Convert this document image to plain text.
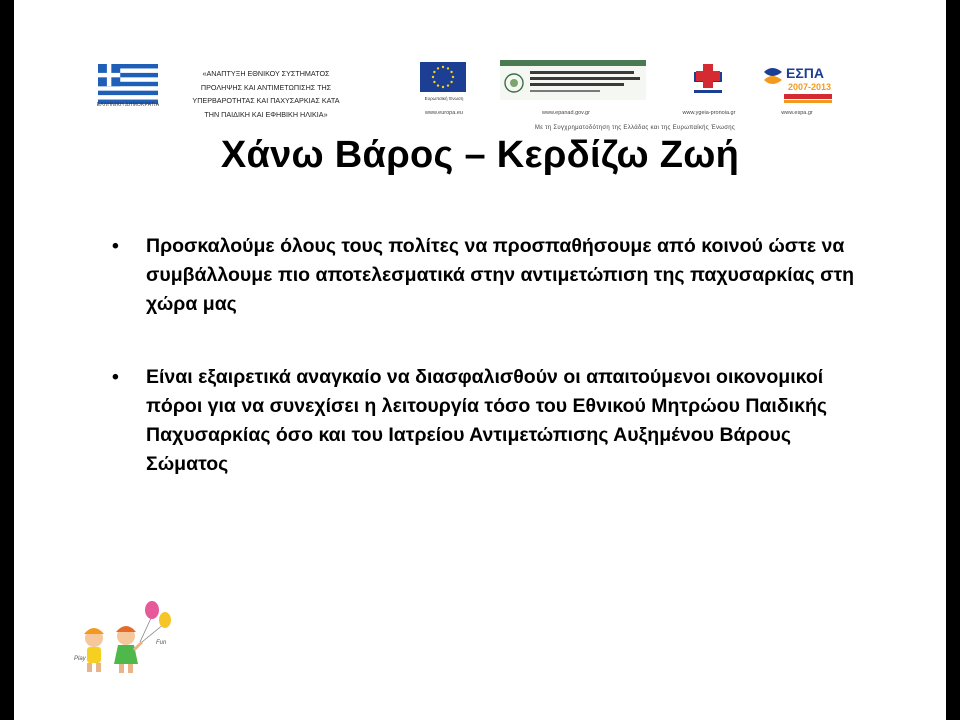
ΕΛΛΗΝΙΚΗ ΔΗΜΟΚΡΑΤΙΑ
«ΑΝΑΠΤΥΞΗ ΕΘΝΙΚΟΥ ΣΥΣΤΗΜΑΤΟΣ
ΠΡΟΛΗΨΗΣ ΚΑΙ ΑΝΤΙΜΕΤΩΠΙΣΗΣ ΤΗΣ
ΥΠΕΡΒΑΡΟΤΗΤΑΣ ΚΑΙ ΠΑΧΥΣΑΡΚΙΑΣ ΚΑΤΑ
ΤΗΝ ΠΑΙΔΙΚΗ ΚΑΙ ΕΦΗΒΙΚΗ ΗΛΙΚΙΑ»
Ευρωπαϊκή Ένωση
www.europa.eu	www.epanad.gov.gr	www.ygeia-pronoia.gr
ΕΣΠΑ
2007-2013
www.espa.gr
Με τη Συγχρηματοδότηση της Ελλάδας και της Ευρωπαϊκής Ένωσης
Χάνω Βάρος – Κερδίζω Ζωή
• Προσκαλούμε όλους τους πολίτες να προσπαθήσουμε από κοινού ώστε να συμβάλλουμε πιο αποτελεσματικά στην αντιμετώπιση της παχυσαρκίας στη χώρα μας
• Είναι εξαιρετικά αναγκαίο να διασφαλισθούν οι απαιτούμενοι οικονομικοί πόροι για να συνεχίσει η λειτουργία τόσο του Εθνικού Μητρώου Παιδικής Παχυσαρκίας όσο και του Ιατρείου Αντιμετώπισης Αυξημένου Βάρους Σώματος
Play
Fun
